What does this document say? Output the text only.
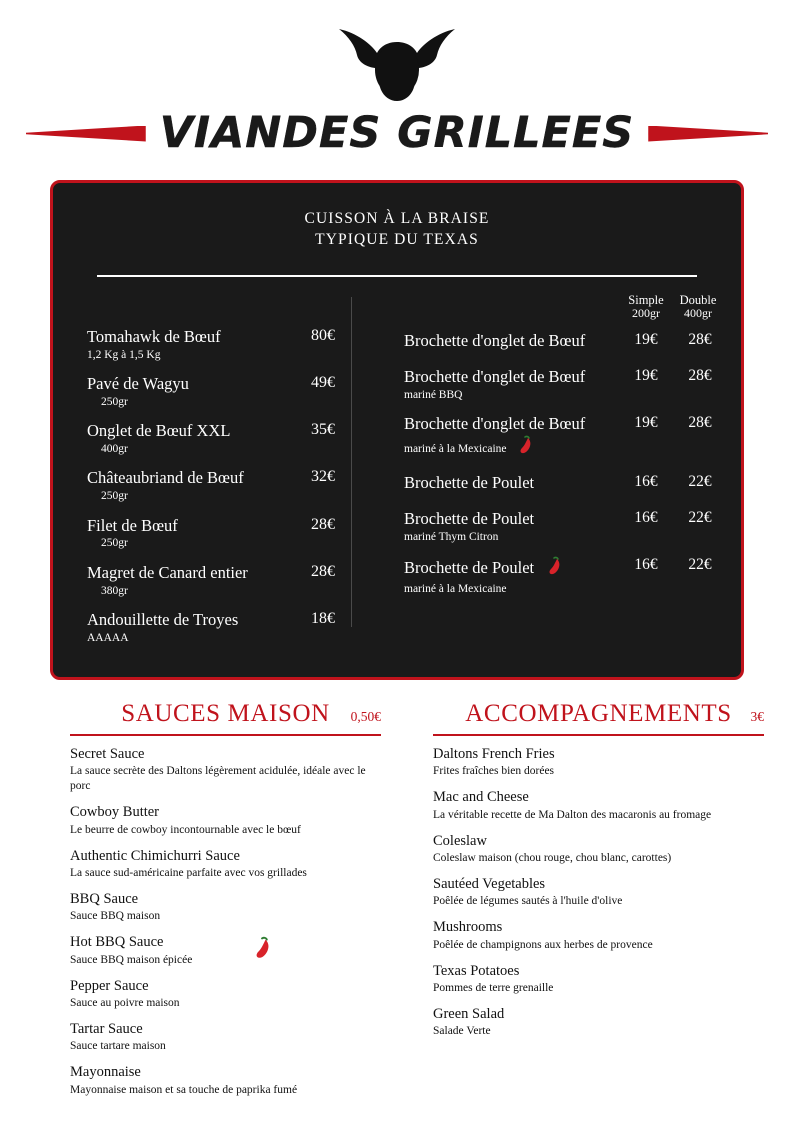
VIANDES GRILLEES
CUISSON À LA BRAISE
TYPIQUE DU TEXAS
Tomahawk de Bœuf
1,2 Kg à 1,5 Kg
80€
Pavé de Wagyu
250gr
49€
Onglet de Bœuf XXL
400gr
35€
Châteaubriand de Bœuf
250gr
32€
Filet de Bœuf
250gr
28€
Magret de Canard entier
380gr
28€
Andouillette de Troyes
AAAAA
18€
Simple
200gr
Double
400gr
Brochette d'onglet de Bœuf	19€	28€
Brochette d'onglet de Bœuf
mariné BBQ
19€	28€
Brochette d'onglet de Bœuf
mariné à la Mexicaine
19€	28€
Brochette de Poulet	16€	22€
Brochette de Poulet
mariné Thym Citron
16€	22€
Brochette de Poulet
mariné à la Mexicaine
16€	22€
SAUCES MAISON 0,50€
Secret Sauce
La sauce secrète des Daltons légèrement acidulée, idéale avec le porc
Cowboy Butter
Le beurre de cowboy incontournable avec le bœuf
Authentic Chimichurri Sauce
La sauce sud-américaine parfaite avec vos grillades
BBQ Sauce
Sauce BBQ maison
Hot BBQ Sauce
Sauce BBQ maison épicée
Pepper Sauce
Sauce au poivre maison
Tartar Sauce
Sauce tartare maison
Mayonnaise
Mayonnaise maison et sa touche de paprika fumé
ACCOMPAGNEMENTS 3€
Daltons French Fries
Frites fraîches bien dorées
Mac and Cheese
La véritable recette de Ma Dalton des macaronis au fromage
Coleslaw
Coleslaw maison (chou rouge, chou blanc, carottes)
Sautéed Vegetables
Poêlée de légumes sautés à l'huile d'olive
Mushrooms
Poêlée de champignons aux herbes de provence
Texas Potatoes
Pommes de terre grenaille
Green Salad
Salade Verte
